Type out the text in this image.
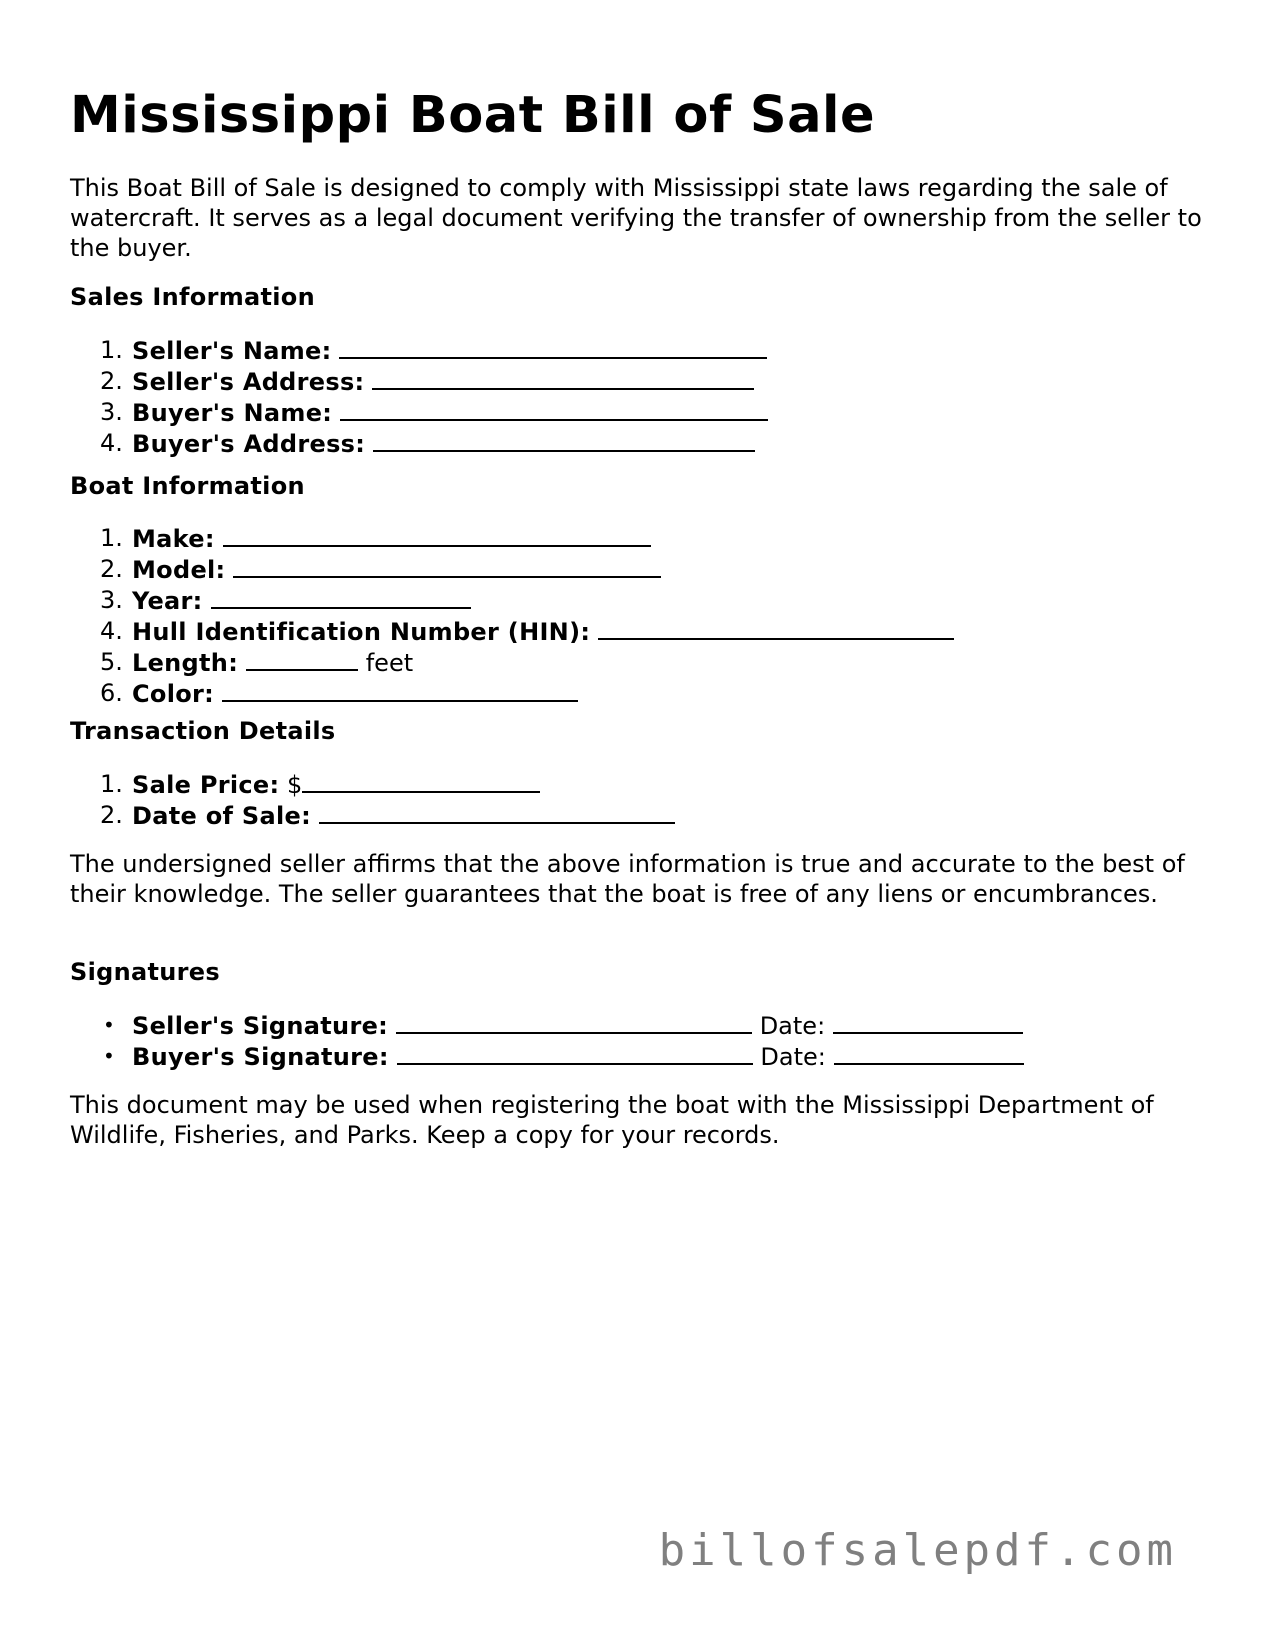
Mississippi Boat Bill of Sale

This Boat Bill of Sale is designed to comply with Mississippi state laws regarding the sale of watercraft. It serves as a legal document verifying the transfer of ownership from the seller to the buyer.

Sales Information
1. Seller's Name:
2. Seller's Address:
3. Buyer's Name:
4. Buyer's Address:
Boat Information
1. Make:
2. Model:
3. Year:
4. Hull Identification Number (HIN):
5. Length:	feet
6. Color:
Transaction Details
1. Sale Price: $
2. Date of Sale:

The undersigned seller affirms that the above information is true and accurate to the best of their knowledge. The seller guarantees that the boat is free of any liens or encumbrances.

Signatures
• Seller's Signature:	Date:
• Buyer's Signature:	Date:

This document may be used when registering the boat with the Mississippi Department of Wildlife, Fisheries, and Parks. Keep a copy for your records.

billofsalepdf.com
